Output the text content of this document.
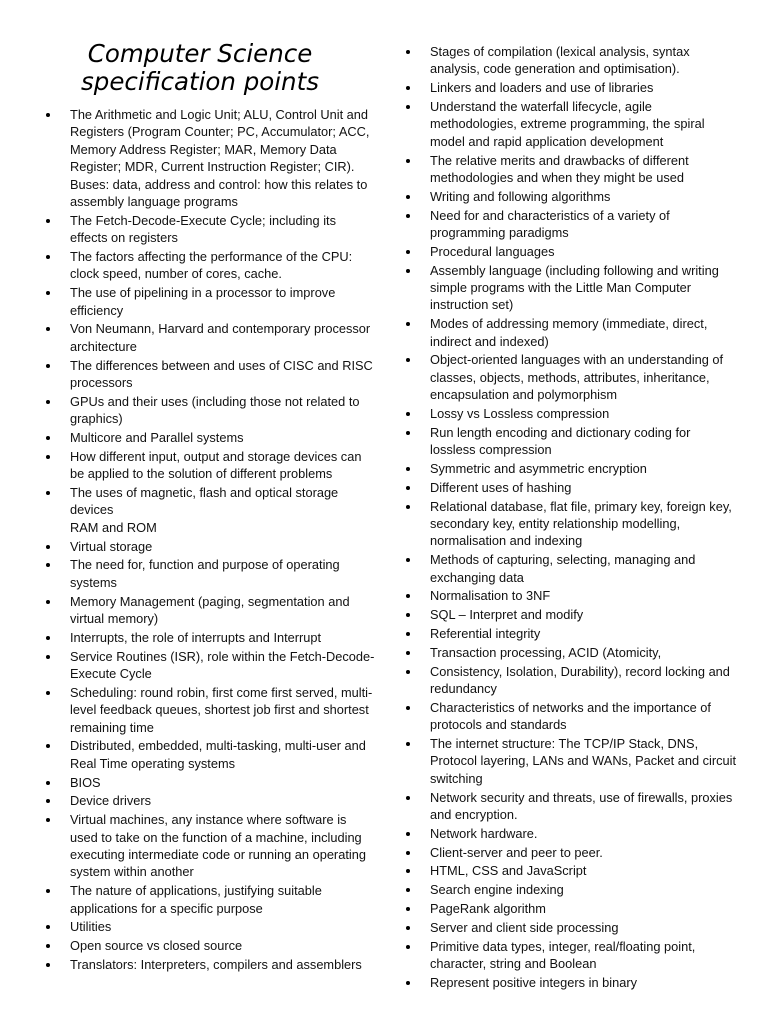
Computer Science
specification points
The Arithmetic and Logic Unit; ALU, Control Unit and
Registers (Program Counter; PC, Accumulator; ACC,
Memory Address Register; MAR, Memory Data
Register; MDR, Current Instruction Register; CIR).
Buses: data, address and control: how this relates to
assembly language programs
The Fetch-Decode-Execute Cycle; including its
effects on registers
The factors affecting the performance of the CPU:
clock speed, number of cores, cache.
The use of pipelining in a processor to improve
efficiency
Von Neumann, Harvard and contemporary processor
architecture
The differences between and uses of CISC and RISC
processors
GPUs and their uses (including those not related to
graphics)
Multicore and Parallel systems
How different input, output and storage devices can
be applied to the solution of different problems
The uses of magnetic, flash and optical storage
devices
RAM and ROM
Virtual storage
The need for, function and purpose of operating
systems
Memory Management (paging, segmentation and
virtual memory)
Interrupts, the role of interrupts and Interrupt
Service Routines (ISR), role within the Fetch-Decode-
Execute Cycle
Scheduling: round robin, first come first served, multi-
level feedback queues, shortest job first and shortest
remaining time
Distributed, embedded, multi-tasking, multi-user and
Real Time operating systems
BIOS
Device drivers
Virtual machines, any instance where software is
used to take on the function of a machine, including
executing intermediate code or running an operating
system within another
The nature of applications, justifying suitable
applications for a specific purpose
Utilities
Open source vs closed source
Translators: Interpreters, compilers and assemblers
Stages of compilation (lexical analysis, syntax
analysis, code generation and optimisation).
Linkers and loaders and use of libraries
Understand the waterfall lifecycle, agile
methodologies, extreme programming, the spiral
model and rapid application development
The relative merits and drawbacks of different
methodologies and when they might be used
Writing and following algorithms
Need for and characteristics of a variety of
programming paradigms
Procedural languages
Assembly language (including following and writing
simple programs with the Little Man Computer
instruction set)
Modes of addressing memory (immediate, direct,
indirect and indexed)
Object-oriented languages with an understanding of
classes, objects, methods, attributes, inheritance,
encapsulation and polymorphism
Lossy vs Lossless compression
Run length encoding and dictionary coding for
lossless compression
Symmetric and asymmetric encryption
Different uses of hashing
Relational database, flat file, primary key, foreign key,
secondary key, entity relationship modelling,
normalisation and indexing
Methods of capturing, selecting, managing and
exchanging data
Normalisation to 3NF
SQL – Interpret and modify
Referential integrity
Transaction processing, ACID (Atomicity,
Consistency, Isolation, Durability), record locking and
redundancy
Characteristics of networks and the importance of
protocols and standards
The internet structure: The TCP/IP Stack, DNS,
Protocol layering, LANs and WANs, Packet and circuit
switching
Network security and threats, use of firewalls, proxies
and encryption.
Network hardware.
Client-server and peer to peer.
HTML, CSS and JavaScript
Search engine indexing
PageRank algorithm
Server and client side processing
Primitive data types, integer, real/floating point,
character, string and Boolean
Represent positive integers in binary
